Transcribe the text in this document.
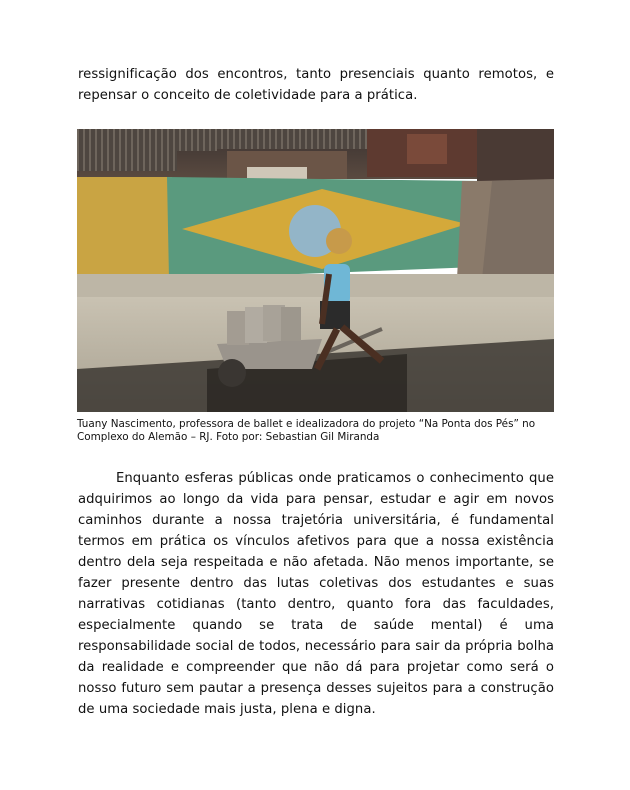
ressignificação dos encontros, tanto presenciais quanto remotos, e repensar o conceito de coletividade para a prática.

Tuany Nascimento, professora de ballet e idealizadora do projeto “Na Ponta dos Pés” no Complexo do Alemão – RJ. Foto por: Sebastian Gil Miranda

Enquanto esferas públicas onde praticamos o conhecimento que adquirimos ao longo da vida para pensar, estudar e agir em novos caminhos durante a nossa trajetória universitária, é fundamental termos em prática os vínculos afetivos para que a nossa existência dentro dela seja respeitada e não afetada. Não menos importante, se fazer presente dentro das lutas coletivas dos estudantes e suas narrativas cotidianas (tanto dentro, quanto fora das faculdades, especialmente quando se trata de saúde mental) é uma responsabilidade social de todos, necessário para sair da própria bolha da realidade e compreender que não dá para projetar como será o nosso futuro sem pautar a presença desses sujeitos para a construção de uma sociedade mais justa, plena e digna.
